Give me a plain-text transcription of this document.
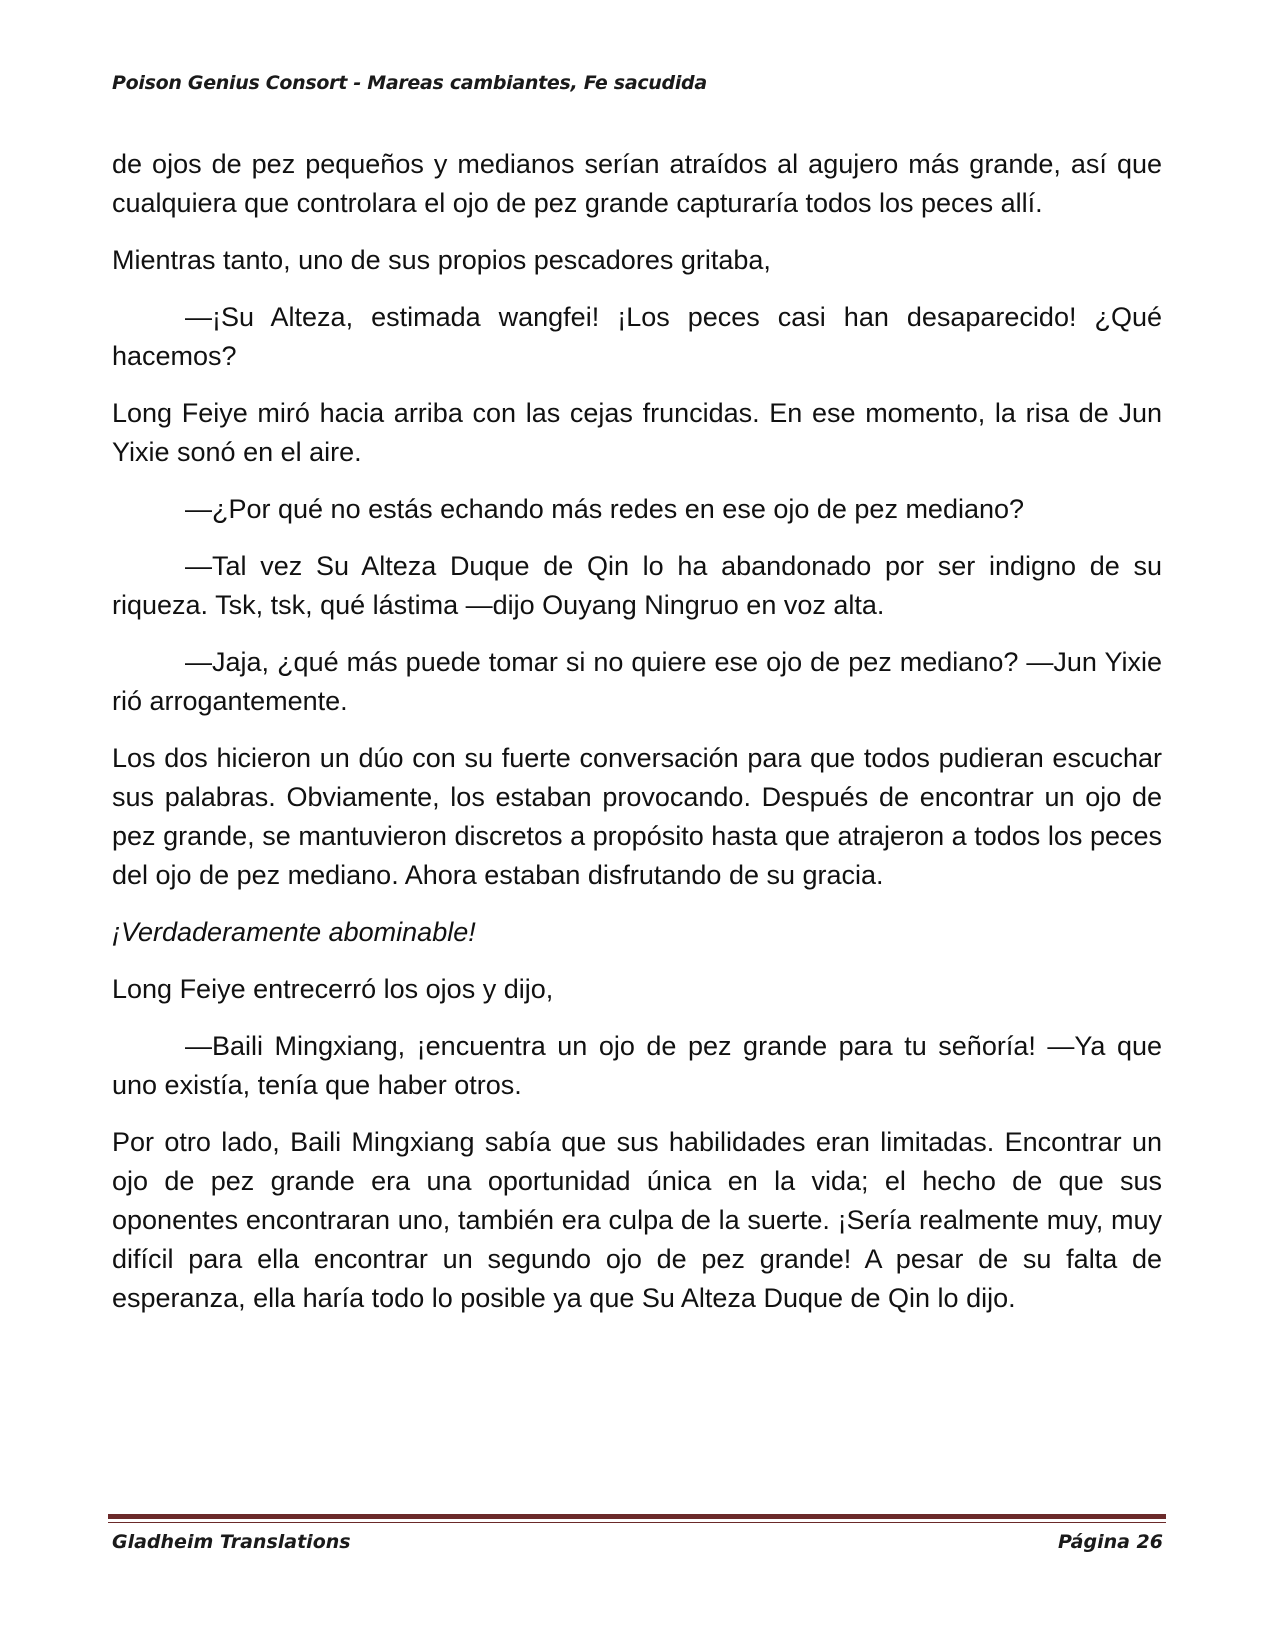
Poison Genius Consort - Mareas cambiantes, Fe sacudida

de ojos de pez pequeños y medianos serían atraídos al agujero más grande, así que cualquiera que controlara el ojo de pez grande capturaría todos los peces allí.

Mientras tanto, uno de sus propios pescadores gritaba,

—¡Su Alteza, estimada wangfei! ¡Los peces casi han desaparecido! ¿Qué hacemos?

Long Feiye miró hacia arriba con las cejas fruncidas. En ese momento, la risa de Jun Yixie sonó en el aire.

—¿Por qué no estás echando más redes en ese ojo de pez mediano?

—Tal vez Su Alteza Duque de Qin lo ha abandonado por ser indigno de su riqueza. Tsk, tsk, qué lástima —dijo Ouyang Ningruo en voz alta.

—Jaja, ¿qué más puede tomar si no quiere ese ojo de pez mediano? —Jun Yixie rió arrogantemente.

Los dos hicieron un dúo con su fuerte conversación para que todos pudieran escuchar sus palabras. Obviamente, los estaban provocando. Después de encontrar un ojo de pez grande, se mantuvieron discretos a propósito hasta que atrajeron a todos los peces del ojo de pez mediano. Ahora estaban disfrutando de su gracia.

¡Verdaderamente abominable!

Long Feiye entrecerró los ojos y dijo,

—Baili Mingxiang, ¡encuentra un ojo de pez grande para tu señoría! —Ya que uno existía, tenía que haber otros.

Por otro lado, Baili Mingxiang sabía que sus habilidades eran limitadas. Encontrar un ojo de pez grande era una oportunidad única en la vida; el hecho de que sus oponentes encontraran uno, también era culpa de la suerte. ¡Sería realmente muy, muy difícil para ella encontrar un segundo ojo de pez grande! A pesar de su falta de esperanza, ella haría todo lo posible ya que Su Alteza Duque de Qin lo dijo.

Gladheim Translations	Página 26
